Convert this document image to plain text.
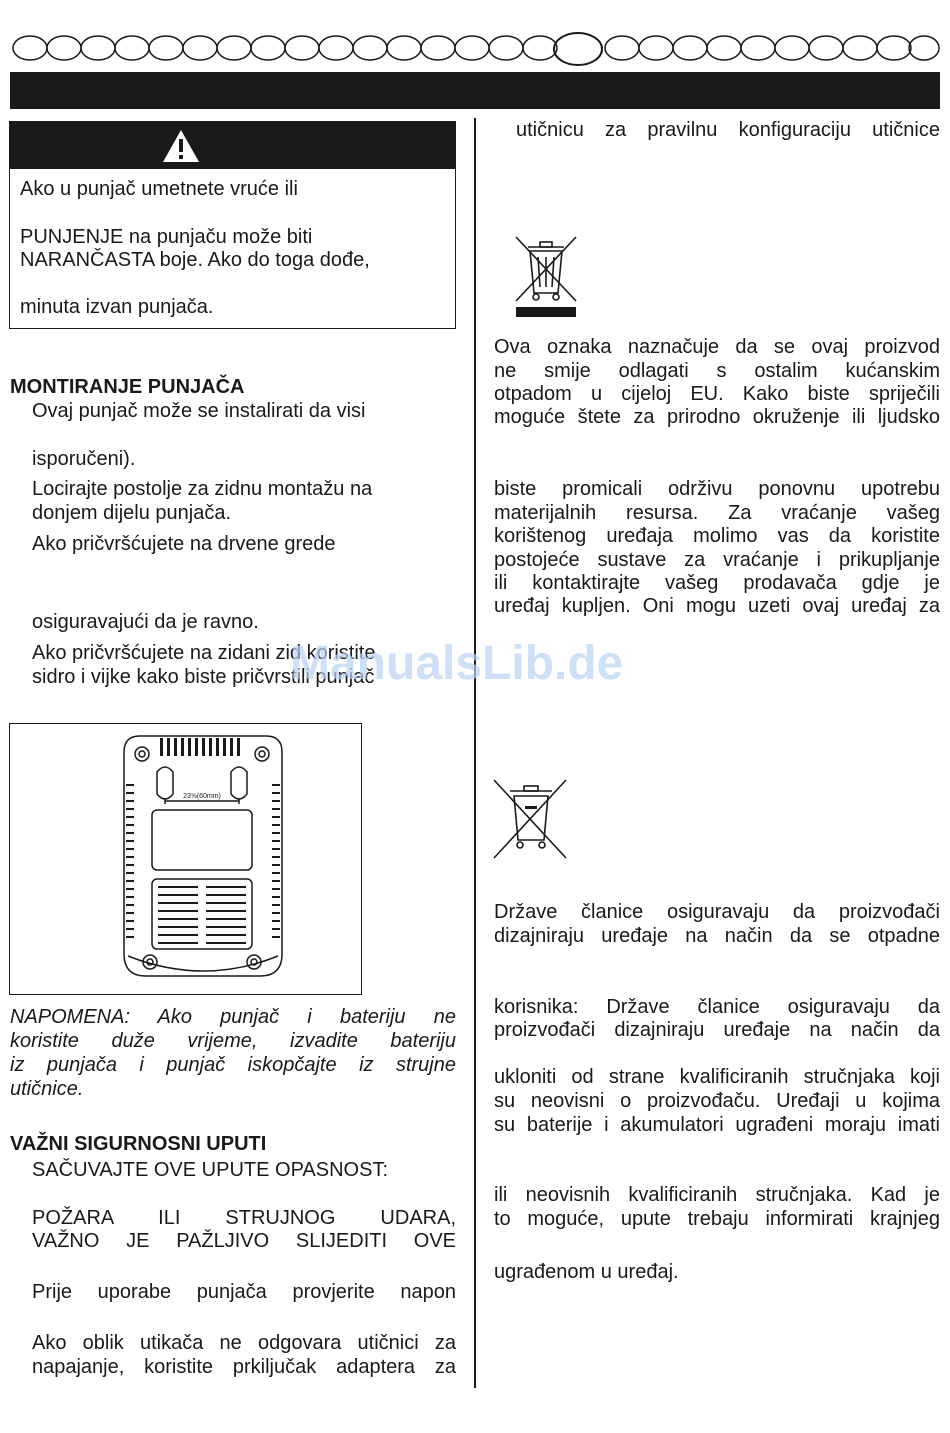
Ako u punjač umetnete vruće ili
PUNJENJE na punjaču može biti
NARANČASTA boje. Ako do toga dođe,
minuta izvan punjača.
MONTIRANJE PUNJAČA
Ovaj punjač može se instalirati da visi
isporučeni).
Locirajte postolje za zidnu montažu na
donjem dijelu punjača.
Ako pričvršćujete na drvene grede
osiguravajući da je ravno.
Ako pričvršćujete na zidani zid koristite
sidro i vijke kako biste pričvrstili punjač
23⅝(60mm)
NAPOMENA: Ako punjač i bateriju ne
koristite duže vrijeme, izvadite bateriju
iz punjača i punjač iskopčajte iz strujne
utičnice.
VAŽNI SIGURNOSNI UPUTI
SAČUVAJTE OVE UPUTE OPASNOST:
POŽARA ILI STRUJNOG UDARA,
VAŽNO JE PAŽLJIVO SLIJEDITI OVE
Prije uporabe punjača provjerite napon
Ako oblik utikača ne odgovara utičnici za
napajanje, koristite prkiljučak adaptera za
utičnicu za pravilnu konfiguraciju utičnice
Ova oznaka naznačuje da se ovaj proizvod
ne smije odlagati s ostalim kućanskim
otpadom u cijeloj EU. Kako biste spriječili
moguće štete za prirodno okruženje ili ljudsko
biste promicali održivu ponovnu upotrebu
materijalnih resursa. Za vraćanje vašeg
korištenog uređaja molimo vas da koristite
postojeće sustave za vraćanje i prikupljanje
ili kontaktirajte vašeg prodavača gdje je
uređaj kupljen. Oni mogu uzeti ovaj uređaj za
Države članice osiguravaju da proizvođači
dizajniraju uređaje na način da se otpadne
korisnika: Države članice osiguravaju da
proizvođači dizajniraju uređaje na način da
ukloniti od strane kvalificiranih stručnjaka koji
su neovisni o proizvođaču. Uređaji u kojima
su baterije i akumulatori ugrađeni moraju imati
ili neovisnih kvalificiranih stručnjaka. Kad je
to moguće, upute trebaju informirati krajnjeg
ugrađenom u uređaj.
ManualsLib.de
